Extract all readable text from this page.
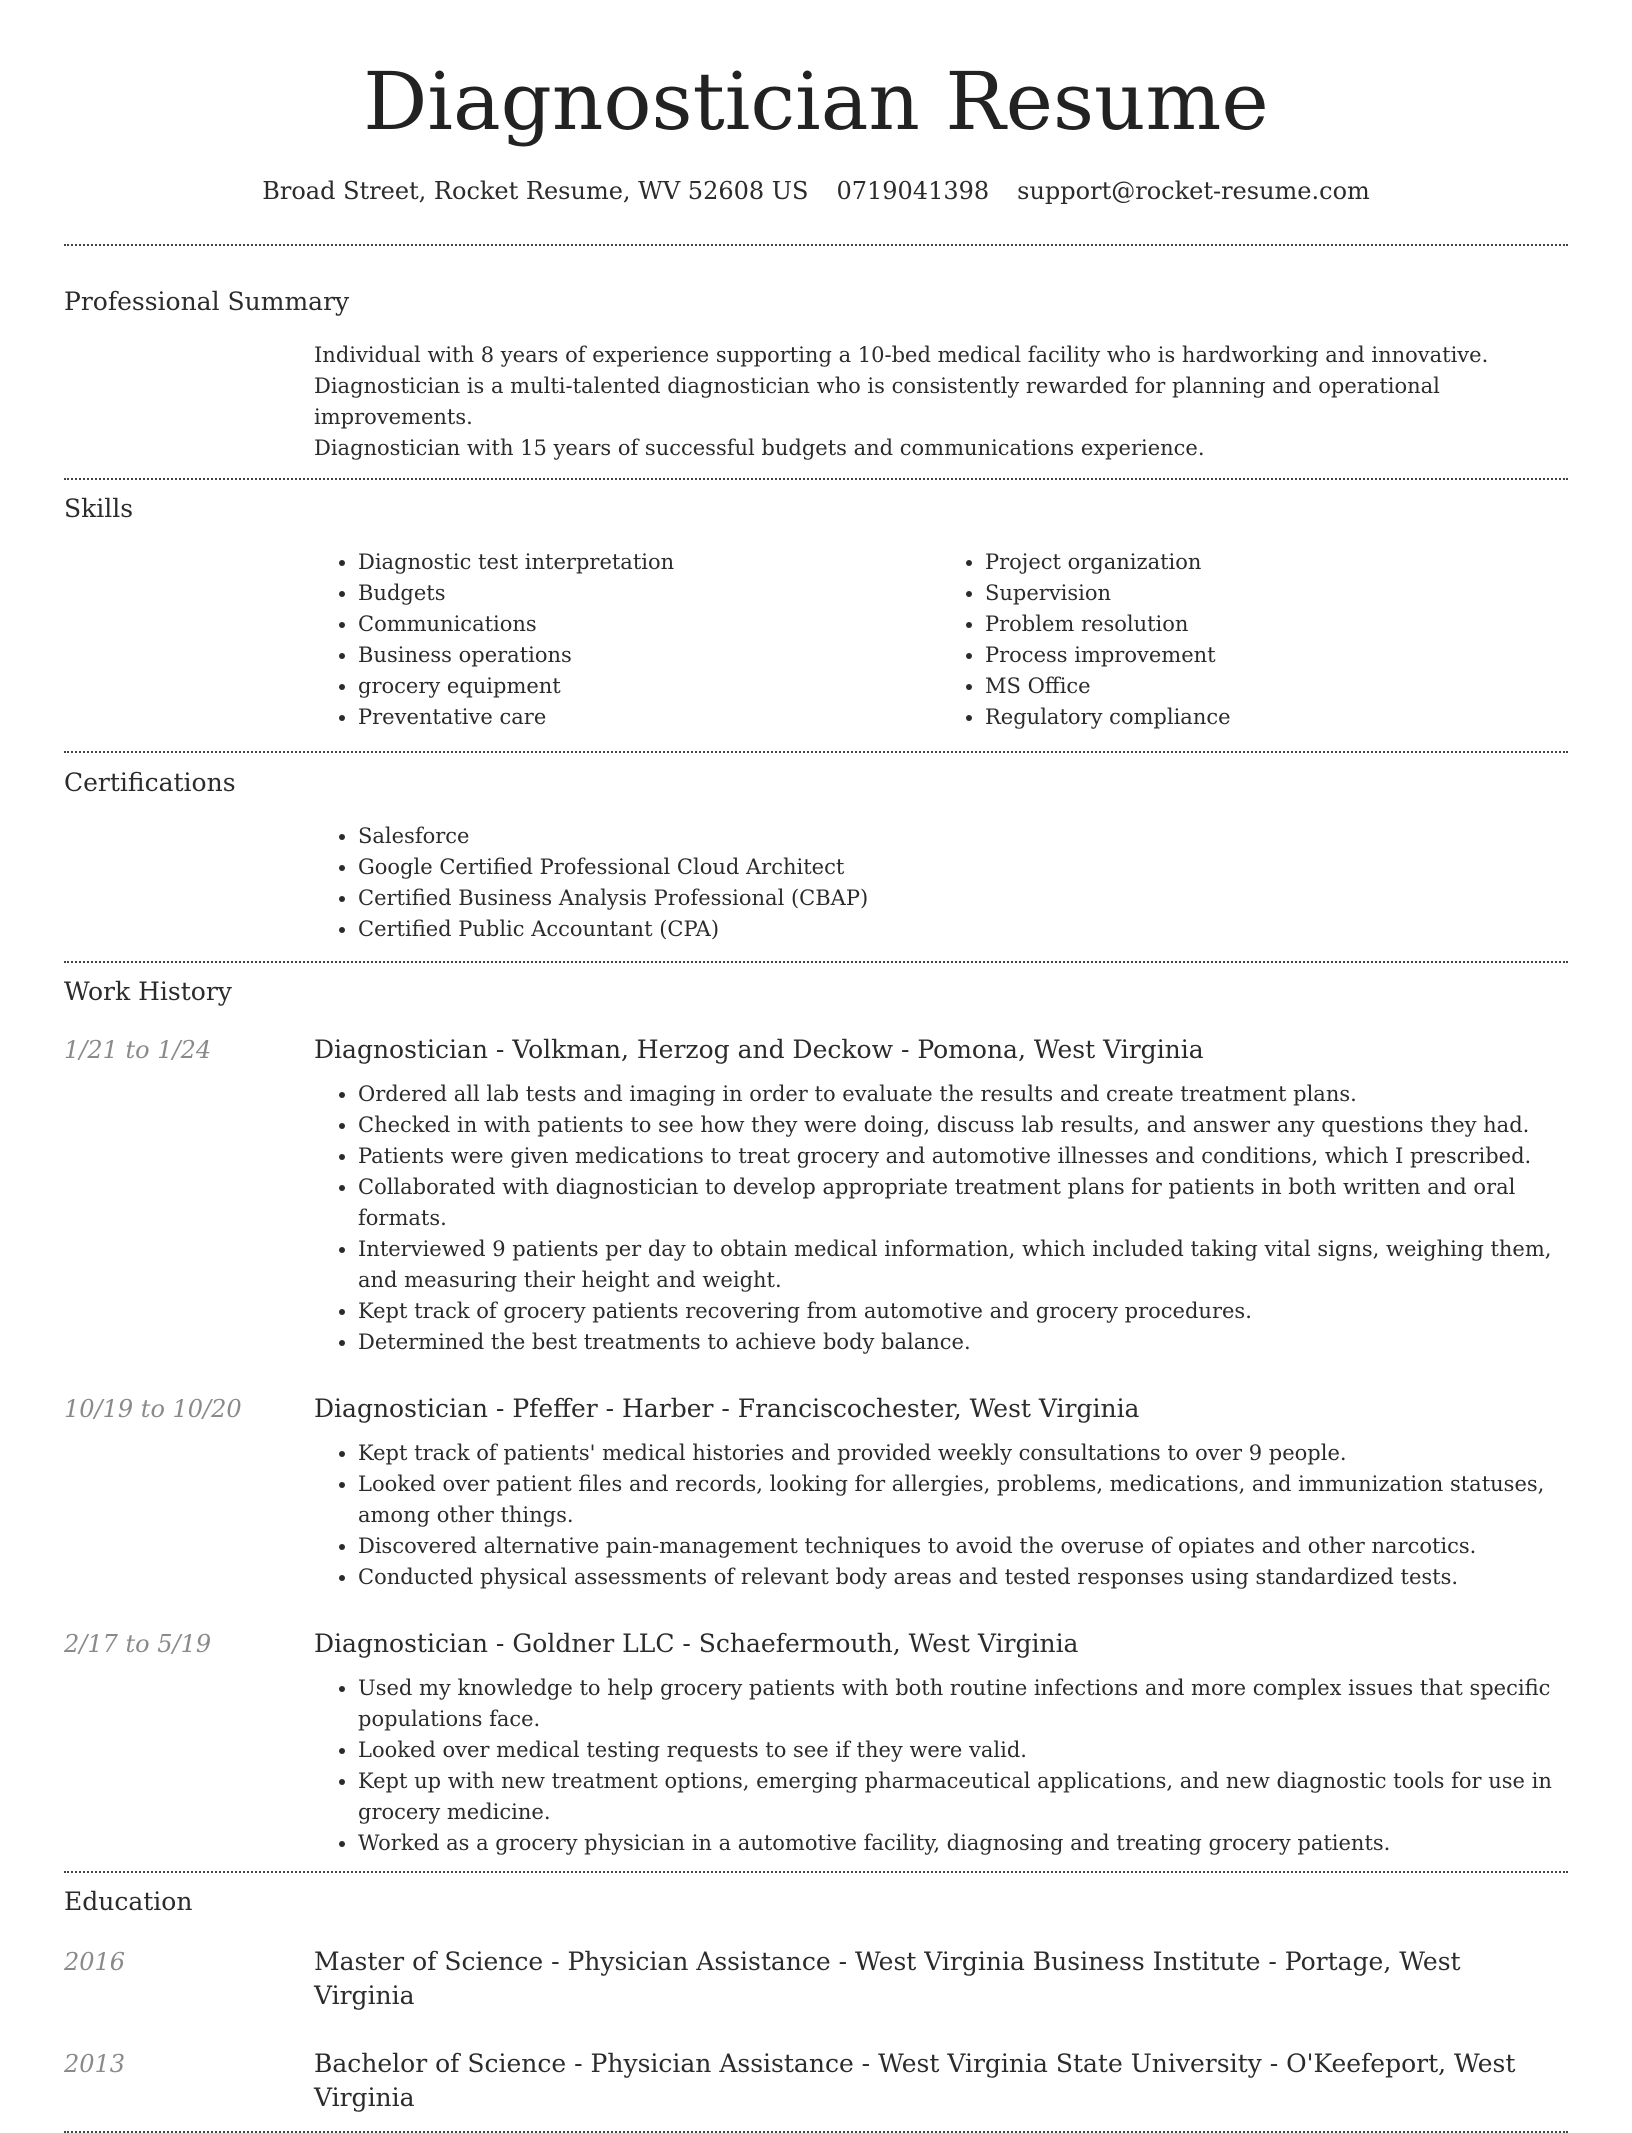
Diagnostician Resume
Broad Street, Rocket Resume, WV 52608 US 0719041398 support@rocket-resume.com
Professional Summary
Individual with 8 years of experience supporting a 10-bed medical facility who is hardworking and innovative.
Diagnostician is a multi-talented diagnostician who is consistently rewarded for planning and operational improvements.
Diagnostician with 15 years of successful budgets and communications experience.
Skills
• Diagnostic test interpretation
• Budgets
• Communications
• Business operations
• grocery equipment
• Preventative care
• Project organization
• Supervision
• Problem resolution
• Process improvement
• MS Office
• Regulatory compliance
Certifications
• Salesforce
• Google Certified Professional Cloud Architect
• Certified Business Analysis Professional (CBAP)
• Certified Public Accountant (CPA)
Work History
1/21 to 1/24	Diagnostician - Volkman, Herzog and Deckow - Pomona, West Virginia
• Ordered all lab tests and imaging in order to evaluate the results and create treatment plans.
• Checked in with patients to see how they were doing, discuss lab results, and answer any questions they had.
• Patients were given medications to treat grocery and automotive illnesses and conditions, which I prescribed.
• Collaborated with diagnostician to develop appropriate treatment plans for patients in both written and oral formats.
• Interviewed 9 patients per day to obtain medical information, which included taking vital signs, weighing them, and measuring their height and weight.
• Kept track of grocery patients recovering from automotive and grocery procedures.
• Determined the best treatments to achieve body balance.
10/19 to 10/20	Diagnostician - Pfeffer - Harber - Franciscochester, West Virginia
• Kept track of patients' medical histories and provided weekly consultations to over 9 people.
• Looked over patient files and records, looking for allergies, problems, medications, and immunization statuses, among other things.
• Discovered alternative pain-management techniques to avoid the overuse of opiates and other narcotics.
• Conducted physical assessments of relevant body areas and tested responses using standardized tests.
2/17 to 5/19	Diagnostician - Goldner LLC - Schaefermouth, West Virginia
• Used my knowledge to help grocery patients with both routine infections and more complex issues that specific populations face.
• Looked over medical testing requests to see if they were valid.
• Kept up with new treatment options, emerging pharmaceutical applications, and new diagnostic tools for use in grocery medicine.
• Worked as a grocery physician in a automotive facility, diagnosing and treating grocery patients.
Education
2016	Master of Science - Physician Assistance - West Virginia Business Institute - Portage, West Virginia
2013	Bachelor of Science - Physician Assistance - West Virginia State University - O'Keefeport, West Virginia
